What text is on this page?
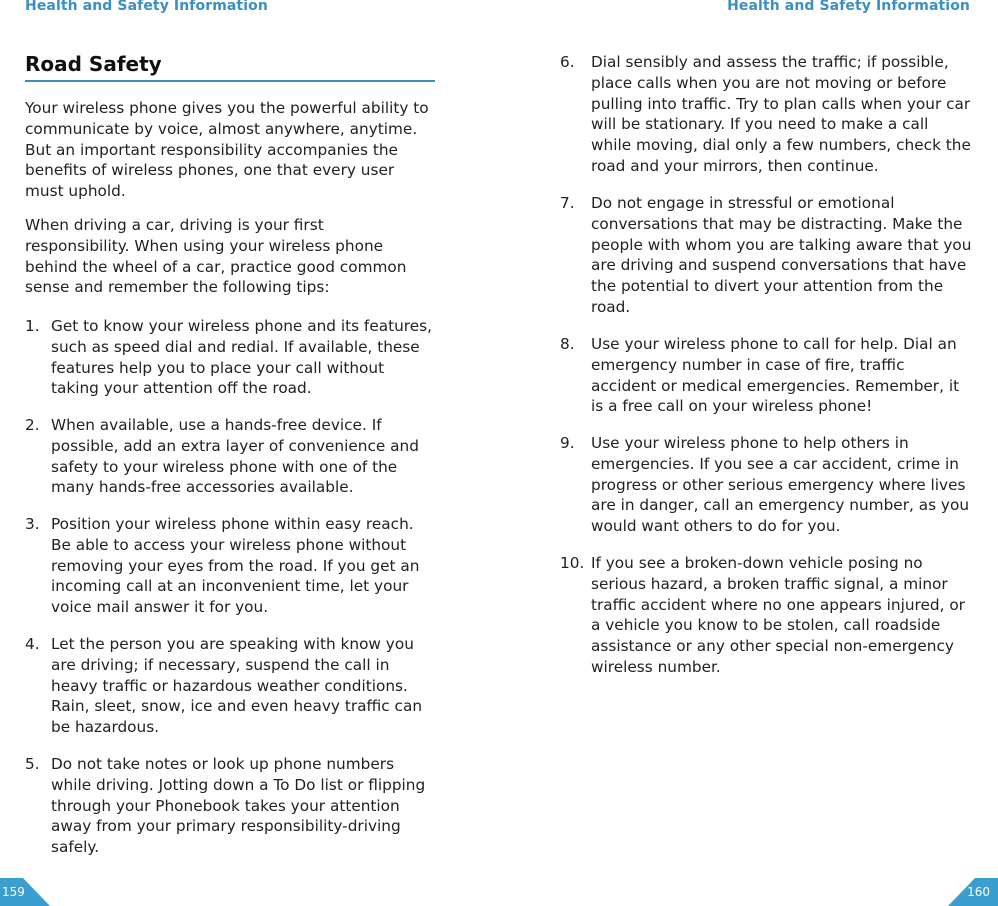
Health and Safety Information	Health and Safety Information
Road Safety

Your wireless phone gives you the powerful ability to communicate by voice, almost anywhere, anytime. But an important responsibility accompanies the benefits of wireless phones, one that every user must uphold.

When driving a car, driving is your first responsibility. When using your wireless phone behind the wheel of a car, practice good common sense and remember the following tips:

1. Get to know your wireless phone and its features, such as speed dial and redial. If available, these features help you to place your call without taking your attention off the road.
2. When available, use a hands-free device. If possible, add an extra layer of convenience and safety to your wireless phone with one of the many hands-free accessories available.
3. Position your wireless phone within easy reach. Be able to access your wireless phone without removing your eyes from the road. If you get an incoming call at an inconvenient time, let your voice mail answer it for you.
4. Let the person you are speaking with know you are driving; if necessary, suspend the call in heavy traffic or hazardous weather conditions. Rain, sleet, snow, ice and even heavy traffic can be hazardous.
5. Do not take notes or look up phone numbers while driving. Jotting down a To Do list or flipping through your Phonebook takes your attention away from your primary responsibility-driving safely.
6. Dial sensibly and assess the traffic; if possible, place calls when you are not moving or before pulling into traffic. Try to plan calls when your car will be stationary. If you need to make a call while moving, dial only a few numbers, check the road and your mirrors, then continue.
7. Do not engage in stressful or emotional conversations that may be distracting. Make the people with whom you are talking aware that you are driving and suspend conversations that have the potential to divert your attention from the road.
8. Use your wireless phone to call for help. Dial an emergency number in case of fire, traffic accident or medical emergencies. Remember, it is a free call on your wireless phone!
9. Use your wireless phone to help others in emergencies. If you see a car accident, crime in progress or other serious emergency where lives are in danger, call an emergency number, as you would want others to do for you.
10. If you see a broken-down vehicle posing no serious hazard, a broken traffic signal, a minor traffic accident where no one appears injured, or a vehicle you know to be stolen, call roadside assistance or any other special non-emergency wireless number.
159	160
